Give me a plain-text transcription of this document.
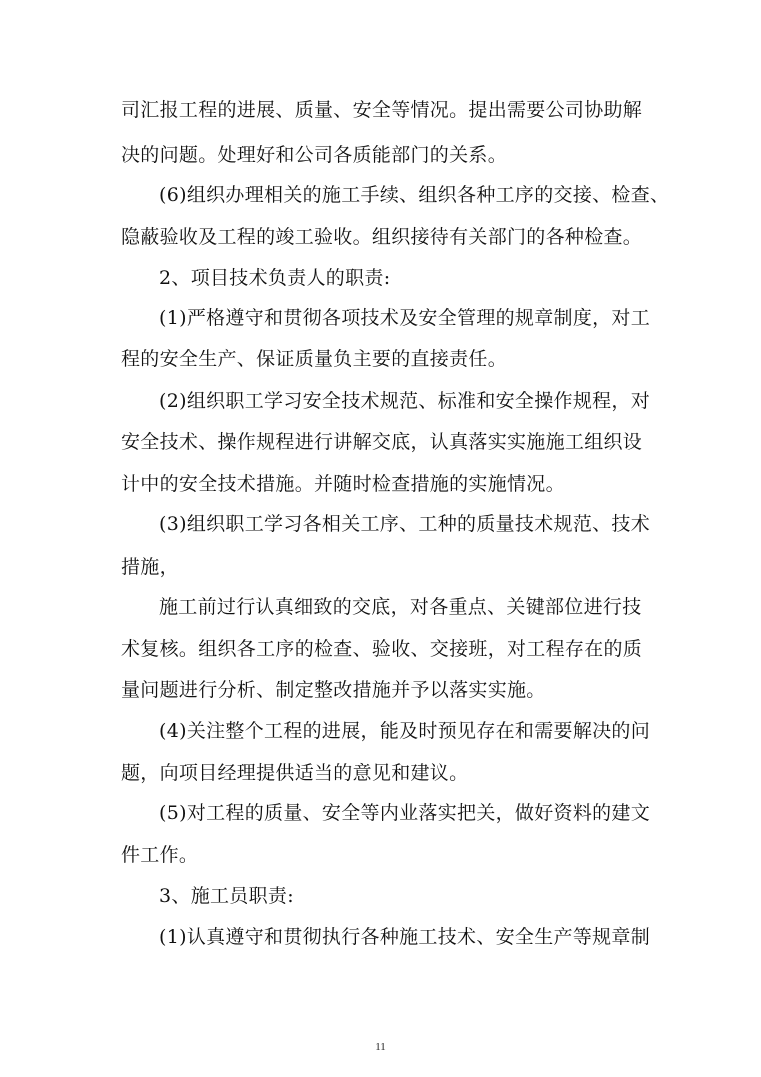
司汇报工程的进展、质量、安全等情况。提出需要公司协助解
决的问题。处理好和公司各质能部门的关系。
(6)组织办理相关的施工手续、组织各种工序的交接、检查、
隐蔽验收及工程的竣工验收。组织接待有关部门的各种检查。
2、项目技术负责人的职责:
(1)严格遵守和贯彻各项技术及安全管理的规章制度，对工
程的安全生产、保证质量负主要的直接责任。
(2)组织职工学习安全技术规范、标准和安全操作规程，对
安全技术、操作规程进行讲解交底，认真落实实施施工组织设
计中的安全技术措施。并随时检查措施的实施情况。
(3)组织职工学习各相关工序、工种的质量技术规范、技术
措施，
施工前过行认真细致的交底，对各重点、关键部位进行技
术复核。组织各工序的检查、验收、交接班，对工程存在的质
量问题进行分析、制定整改措施并予以落实实施。
(4)关注整个工程的进展，能及时预见存在和需要解决的问
题，向项目经理提供适当的意见和建议。
(5)对工程的质量、安全等内业落实把关，做好资料的建文
件工作。
3、施工员职责:
(1)认真遵守和贯彻执行各种施工技术、安全生产等规章制
11
